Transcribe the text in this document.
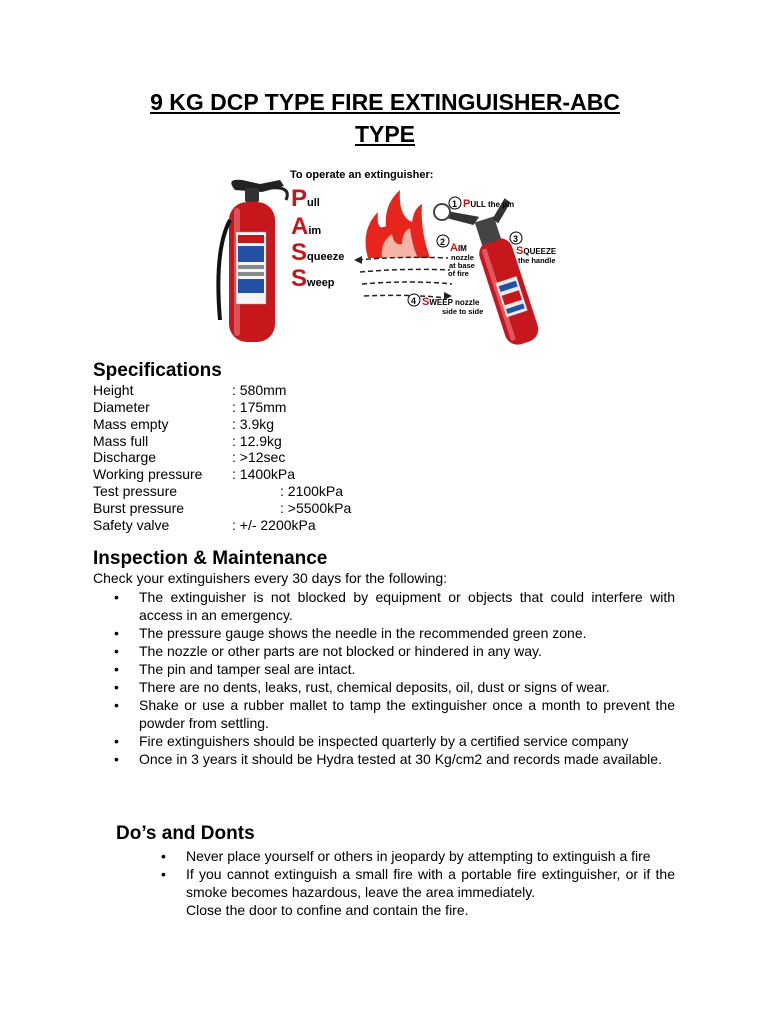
9 KG DCP TYPE FIRE EXTINGUISHER-ABC
TYPE
To operate an extinguisher:
Pull
Aim
Squeeze
Sweep
1 PULL the pin
2 AIM
nozzle
at base
of fire
3
SQUEEZE
the handle
4 SWEEP nozzle
side to side
Specifications
Height	: 580mm
Diameter	: 175mm
Mass empty	: 3.9kg
Mass full	: 12.9kg
Discharge	: >12sec
Working pressure : 1400kPa
Test pressure	: 2100kPa
Burst pressure	: >5500kPa
Safety valve	: +/- 2200kPa
Inspection & Maintenance
Check your extinguishers every 30 days for the following:
• The extinguisher is not blocked by equipment or objects that could interfere with access in an emergency.
• The pressure gauge shows the needle in the recommended green zone.
• The nozzle or other parts are not blocked or hindered in any way.
• The pin and tamper seal are intact.
• There are no dents, leaks, rust, chemical deposits, oil, dust or signs of wear.
• Shake or use a rubber mallet to tamp the extinguisher once a month to prevent the powder from settling.
• Fire extinguishers should be inspected quarterly by a certified service company
• Once in 3 years it should be Hydra tested at 30 Kg/cm2 and records made available.
Do’s and Donts
• Never place yourself or others in jeopardy by attempting to extinguish a fire
• If you cannot extinguish a small fire with a portable fire extinguisher, or if the smoke becomes hazardous, leave the area immediately.
Close the door to confine and contain the fire.
